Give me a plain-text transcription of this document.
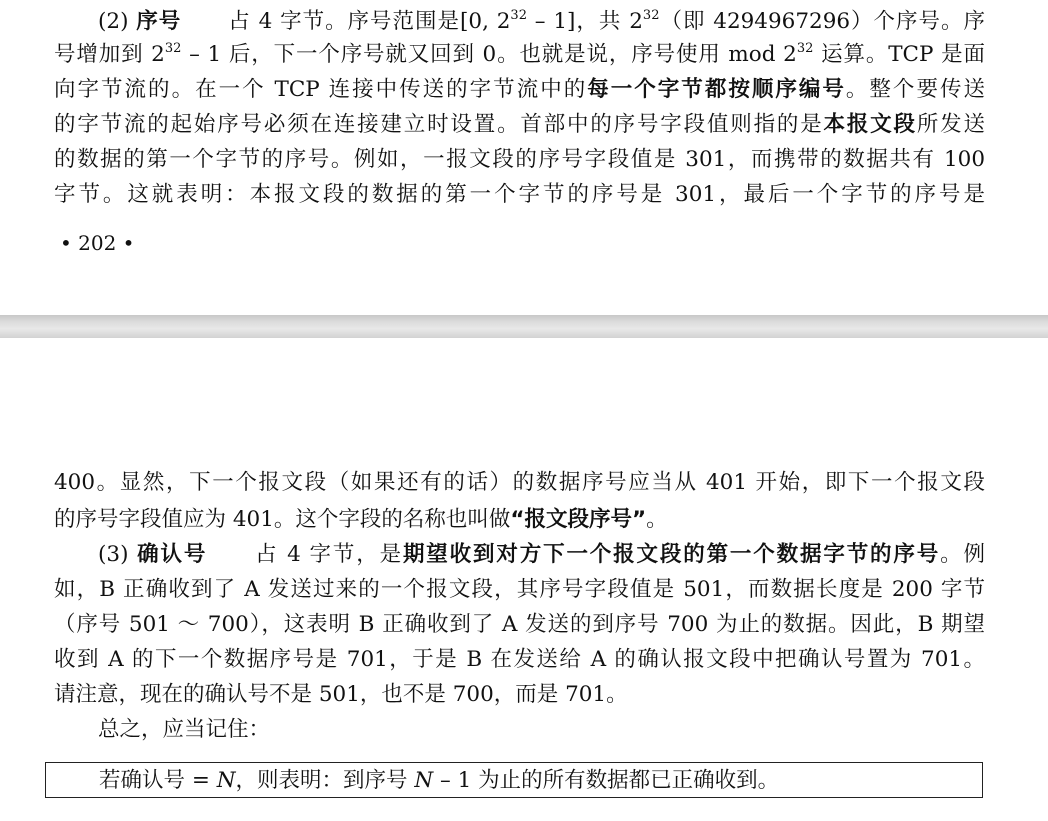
(2) 序号 占 4 字节。序号范围是[0, $2^{32} - 1$]，共 $2^{32}$（即 4294967296）个序号。序
号增加到 $2^{32} - 1$ 后，下一个序号就又回到 0。也就是说，序号使用 mod $2^{32}$ 运算。TCP 是面
向字节流的。在一个 TCP 连接中传送的字节流中的每一个字节都按顺序编号。整个要传送
的字节流的起始序号必须在连接建立时设置。首部中的序号字段值则指的是本报文段所发送
的数据的第一个字节的序号。例如，一报文段的序号字段值是 301，而携带的数据共有 100
字节。这就表明：本报文段的数据的第一个字节的序号是 301，最后一个字节的序号是
• 202 •
400。显然，下一个报文段（如果还有的话）的数据序号应当从 401 开始，即下一个报文段
的序号字段值应为 401。这个字段的名称也叫做“报文段序号”。
(3) 确认号 占 4 字节，是期望收到对方下一个报文段的第一个数据字节的序号。例
如，B 正确收到了 A 发送过来的一个报文段，其序号字段值是 501，而数据长度是 200 字节
（序号 501 ～ 700），这表明 B 正确收到了 A 发送的到序号 700 为止的数据。因此，B 期望
收到 A 的下一个数据序号是 701，于是 B 在发送给 A 的确认报文段中把确认号置为 701。
请注意，现在的确认号不是 501，也不是 700，而是 701。
总之，应当记住：
若确认号 = N，则表明：到序号 N – 1 为止的所有数据都已正确收到。
